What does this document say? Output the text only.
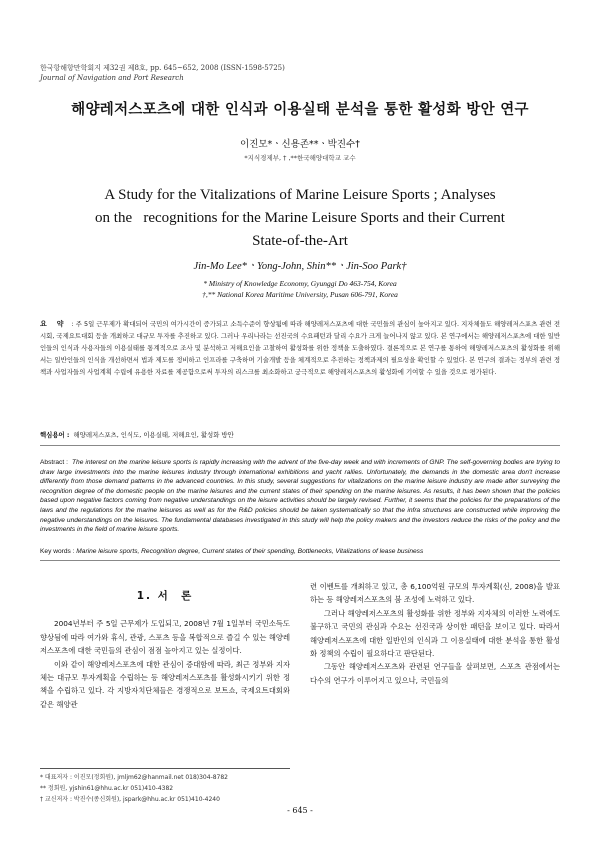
한국항해항만학회지 제32권 제8호, pp. 645~652, 2008 (ISSN-1598-5725)
Journal of Navigation and Port Research
해양레저스포츠에 대한 인식과 이용실태 분석을 통한 활성화 방안 연구
이진모*ㆍ신용존**ㆍ박진수†
*지식경제부, † ,**한국해양대학교 교수
A Study for the Vitalizations of Marine Leisure Sports ; Analyses
on the   recognitions for the Marine Leisure Sports and their Current
State-of-the-Art
Jin-Mo Lee*ㆍYong-John, Shin**ㆍJin-Soo Park†
* Ministry of Knowledge Economy, Gyunggi Do 463-754, Korea
†,** National Korea Maritime University, Pusan 606-791, Korea
요    약 : 주 5일 근무제가 확대되어 국민의 여가시간이 증가되고 소득수준이 향상됨에 따라 해양레저스포츠에 대한 국민들의 관심이 높아지고 있다. 지자체들도 해양레저스포츠 관련 전시회, 국제요트대회 등을 개최하고 대규모 투자를 추진하고 있다. 그러나 우리나라는 선진국의 수요패턴과 달리 수요가 크게 늘어나지 않고 있다. 본 연구에서는 해양레저스포츠에 대한 일반인들의 인식과 사용자들의 이용실태를 통계적으로 조사 및 분석하고 저해요인을 고찰하여 활성화를 위한 정책을 도출하였다. 결론적으로 본 연구를 통하여 해양레저스포츠의 활성화를 위해서는 일반인들의 인식을 개선하면서 법과 제도를 정비하고 인프라를 구축하며 기술개발 등을 체계적으로 추진하는 정책과제의 필요성을 확인할 수 있었다. 본 연구의 결과는 정부의 관련 정책과 사업자들의 사업계획 수립에 유용한 자료를 제공함으로써 투자의 리스크를 최소화하고 궁극적으로 해양레저스포츠의 활성화에 기여할 수 있을 것으로 평가된다.
핵심용어 : 해양레저스포츠, 인식도, 이용실태, 저해요인, 활성화 방안
Abstract : The interest on the marine leisure sports is rapidly increasing with the advent of the five-day week and with increments of GNP. The self-governing bodies are trying to draw large investments into the marine leisures industry through international exhibitions and yacht rallies. Unfortunately, the demands in the domestic area don't increase differently from those demand patterns in the advanced countries. In this study, several suggestions for vitalizations on the marine leisure industry are made after surveying the recognition degree of the domestic people on the marine leisures and the current states of their spending on the marine leisures. As results, it has been shown that the policies based upon negative factors coming from negative understandings on the leisure activities should be largely revised. Further, it seems that the policies for the preparations of the laws and the regulations for the marine leisures as well as for the R&D policies should be taken systematically so that the infra structures are constructed while improving the negative understandings on the leisures. The fundamental databases investigated in this study will help the policy makers and the investors reduce the risks of the policy and the investments in the field of marine leisure sports.
Key words : Marine leisure sports, Recognition degree, Current states of their spending, Bottlenecks, Vitalizations of lease business
1. 서  론

2004년부터 주 5일 근무제가 도입되고, 2008년 7월 1일부터 국민소득도 향상됨에 따라 여가와 휴식, 관광, 스포츠 등을 복합적으로 즐길 수 있는 해양레저스포츠에 대한 국민들의 관심이 점점 높아지고 있는 실정이다.

이와 같이 해양레저스포츠에 대한 관심이 증대함에 따라, 최근 정부와 지자체는 대규모 투자계획을 수립하는 등 해양레저스포츠를 활성화시키기 위한 정책을 수립하고 있다. 각 지방자치단체들은 경쟁적으로 보트쇼, 국제요트대회와 같은 해양관

련 이벤트를 개최하고 있고, 총 6,100억원 규모의 투자계획(신, 2008)을 발표하는 등 해양레저스포츠의 붐 조성에 노력하고 있다.

그러나 해양레저스포츠의 활성화를 위한 정부와 지자체의 이러한 노력에도 불구하고 국민의 관심과 수요는 선진국과 상이한 패턴을 보이고 있다. 따라서 해양레저스포츠에 대한 일반인의 인식과 그 이용실태에 대한 분석을 통한 활성화 정책의 수립이 필요하다고 판단된다.

그동안 해양레저스포츠와 관련된 연구들을 살펴보면, 스포츠 관점에서는 다수의 연구가 이루어지고 있으나, 국민들의

* 대표저자 : 이진모(정회원), jmljm62@hanmail.net 018)304-8782
** 정회원, yjshin61@hhu.ac.kr 051)410-4382
† 교신저자 : 박진수(종신회원), jspark@hhu.ac.kr 051)410-4240
- 645 -
